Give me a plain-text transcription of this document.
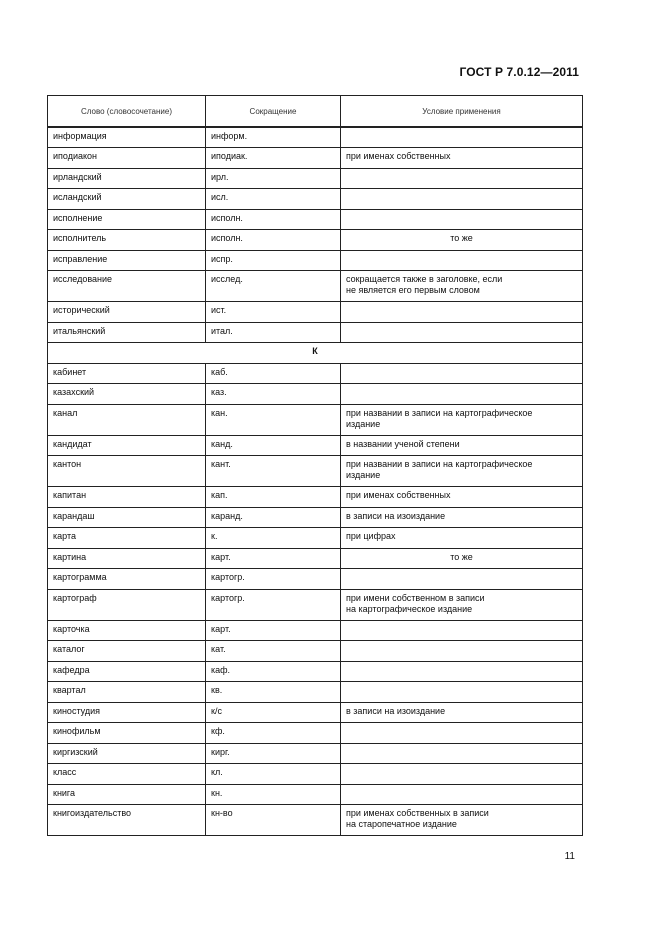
ГОСТ Р 7.0.12—2011
Слово (словосочетание)	Сокращение	Условие применения
информация	информ.	
иподиакон	иподиак.	при именах собственных
ирландский	ирл.	
исландский	исл.	
исполнение	исполн.	
исполнитель	исполн.	то же
исправление	испр.	
исследование	исслед.	сокращается также в заголовке, если
не является его первым словом
исторический	ист.	
итальянский	итал.	
К		
кабинет	каб.	
казахский	каз.	
канал	кан.	при названии в записи на картографическое
издание
кандидат	канд.	в названии ученой степени
кантон	кант.	при названии в записи на картографическое
издание
капитан	кап.	при именах собственных
карандаш	каранд.	в записи на изоиздание
карта	к.	при цифрах
картина	карт.	то же
картограмма	картогр.	
картограф	картогр.	при имени собственном в записи
на картографическое издание
карточка	карт.	
каталог	кат.	
кафедра	каф.	
квартал	кв.	
киностудия	к/с	в записи на изоиздание
кинофильм	кф.	
киргизский	кирг.	
класс	кл.	
книга	кн.	
книгоиздательство	кн-во	при именах собственных в записи
на старопечатное издание
11
